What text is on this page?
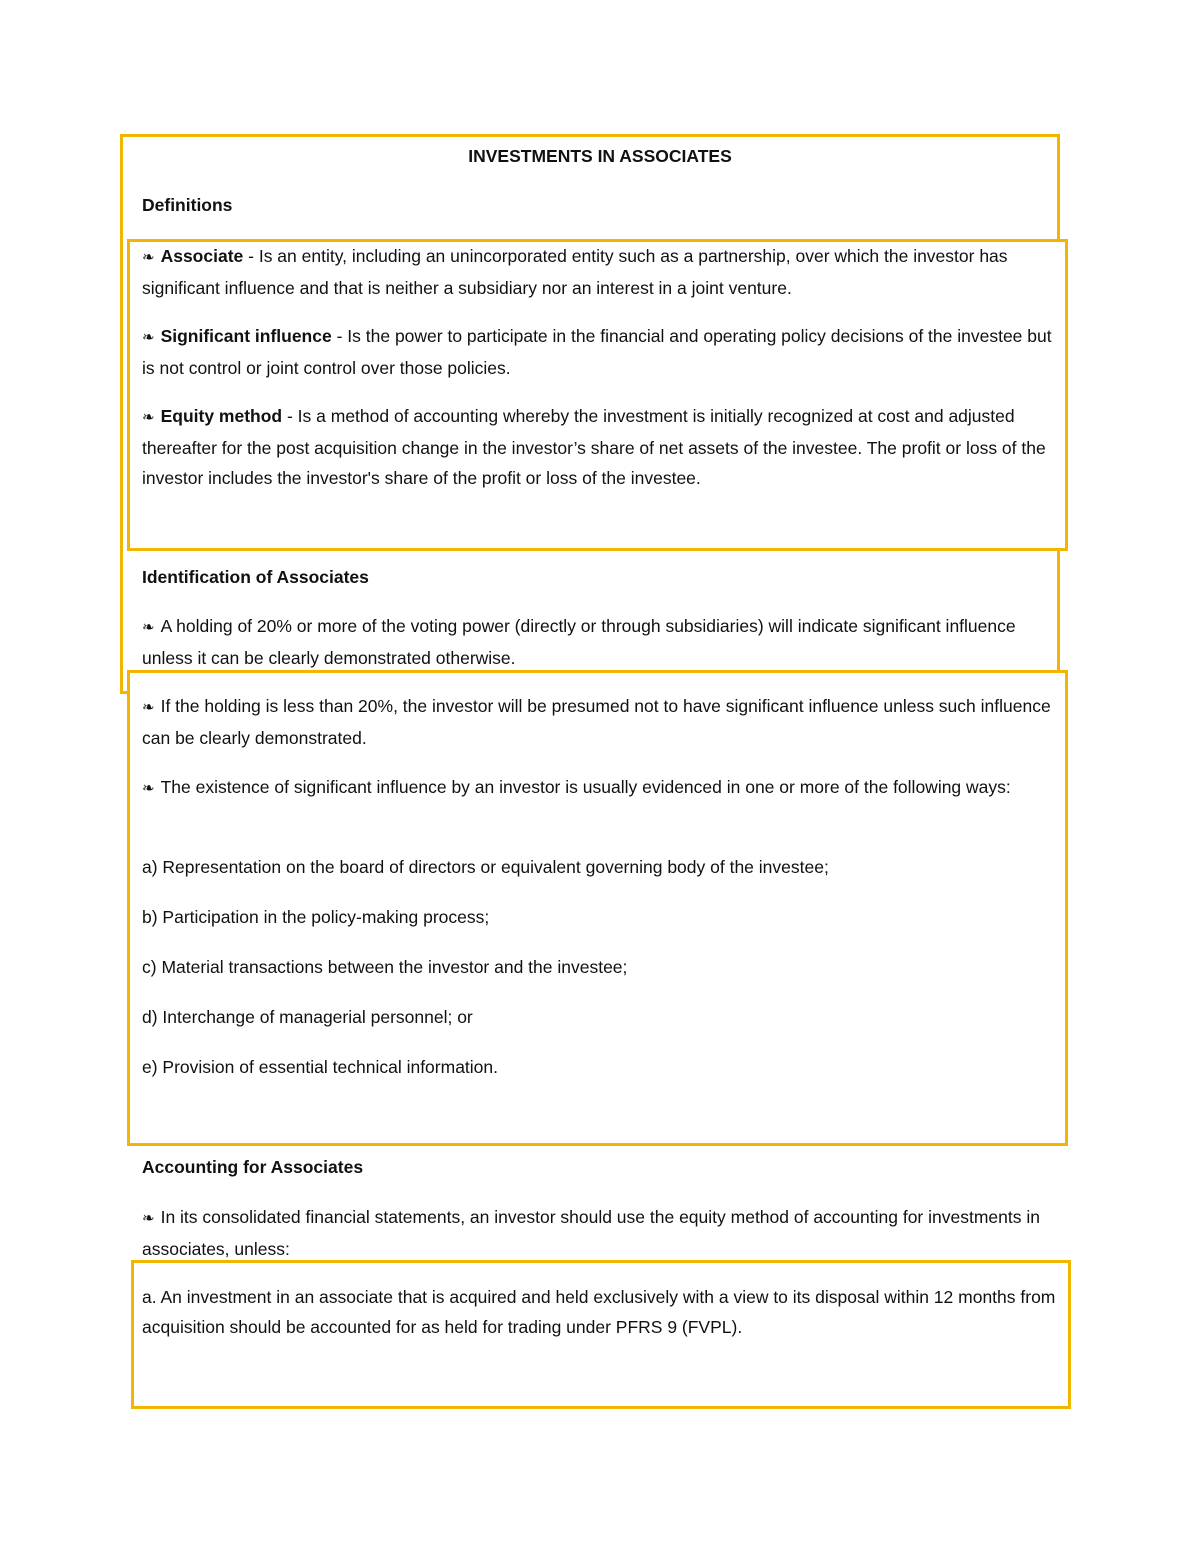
INVESTMENTS IN ASSOCIATES

Definitions

❧ Associate - Is an entity, including an unincorporated entity such as a partnership, over which the investor has significant influence and that is neither a subsidiary nor an interest in a joint venture.

❧ Significant influence - Is the power to participate in the financial and operating policy decisions of the investee but is not control or joint control over those policies.

❧ Equity method - Is a method of accounting whereby the investment is initially recognized at cost and adjusted thereafter for the post acquisition change in the investor’s share of net assets of the investee. The profit or loss of the investor includes the investor's share of the profit or loss of the investee.

Identification of Associates

❧ A holding of 20% or more of the voting power (directly or through subsidiaries) will indicate significant influence unless it can be clearly demonstrated otherwise.

❧ If the holding is less than 20%, the investor will be presumed not to have significant influence unless such influence can be clearly demonstrated.

❧ The existence of significant influence by an investor is usually evidenced in one or more of the following ways:

a) Representation on the board of directors or equivalent governing body of the investee;

b) Participation in the policy-making process;

c) Material transactions between the investor and the investee;

d) Interchange of managerial personnel; or

e) Provision of essential technical information.

Accounting for Associates

❧ In its consolidated financial statements, an investor should use the equity method of accounting for investments in associates, unless:

a. An investment in an associate that is acquired and held exclusively with a view to its disposal within 12 months from acquisition should be accounted for as held for trading under PFRS 9 (FVPL).
